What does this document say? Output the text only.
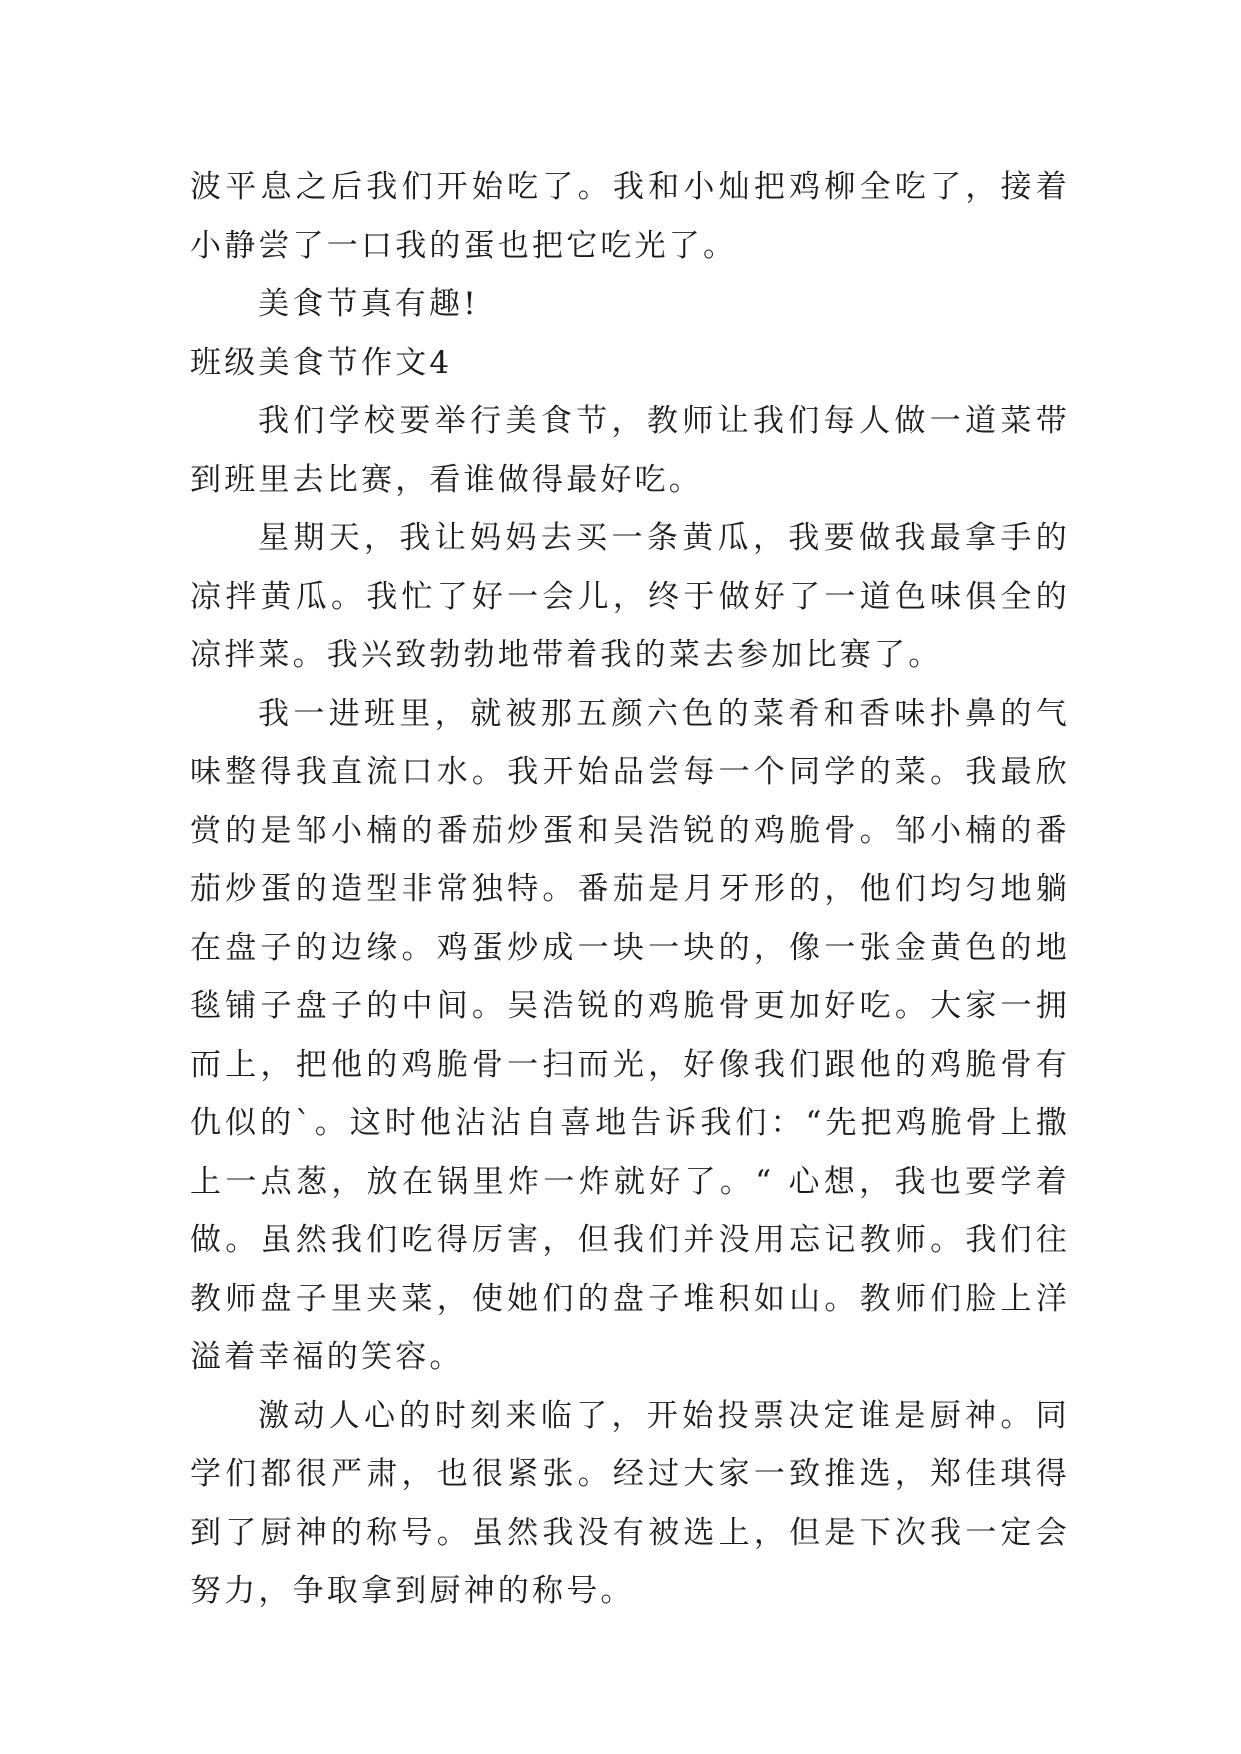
波平息之后我们开始吃了。我和小灿把鸡柳全吃了，接着小静尝了一口我的蛋也把它吃光了。

美食节真有趣!

班级美食节作文4

我们学校要举行美食节，教师让我们每人做一道菜带到班里去比赛，看谁做得最好吃。

星期天，我让妈妈去买一条黄瓜，我要做我最拿手的凉拌黄瓜。我忙了好一会儿，终于做好了一道色味俱全的凉拌菜。我兴致勃勃地带着我的菜去参加比赛了。

我一进班里，就被那五颜六色的菜肴和香味扑鼻的气味整得我直流口水。我开始品尝每一个同学的菜。我最欣赏的是邹小楠的番茄炒蛋和吴浩锐的鸡脆骨。邹小楠的番茄炒蛋的造型非常独特。番茄是月牙形的，他们均匀地躺在盘子的边缘。鸡蛋炒成一块一块的，像一张金黄色的地毯铺子盘子的中间。吴浩锐的鸡脆骨更加好吃。大家一拥而上，把他的鸡脆骨一扫而光，好像我们跟他的鸡脆骨有仇似的`。这时他沾沾自喜地告诉我们：“先把鸡脆骨上撒上一点葱，放在锅里炸一炸就好了。“ 心想，我也要学着做。虽然我们吃得厉害，但我们并没用忘记教师。我们往教师盘子里夹菜，使她们的盘子堆积如山。教师们脸上洋溢着幸福的笑容。

激动人心的时刻来临了，开始投票决定谁是厨神。同学们都很严肃，也很紧张。经过大家一致推选，郑佳琪得到了厨神的称号。虽然我没有被选上，但是下次我一定会努力，争取拿到厨神的称号。
